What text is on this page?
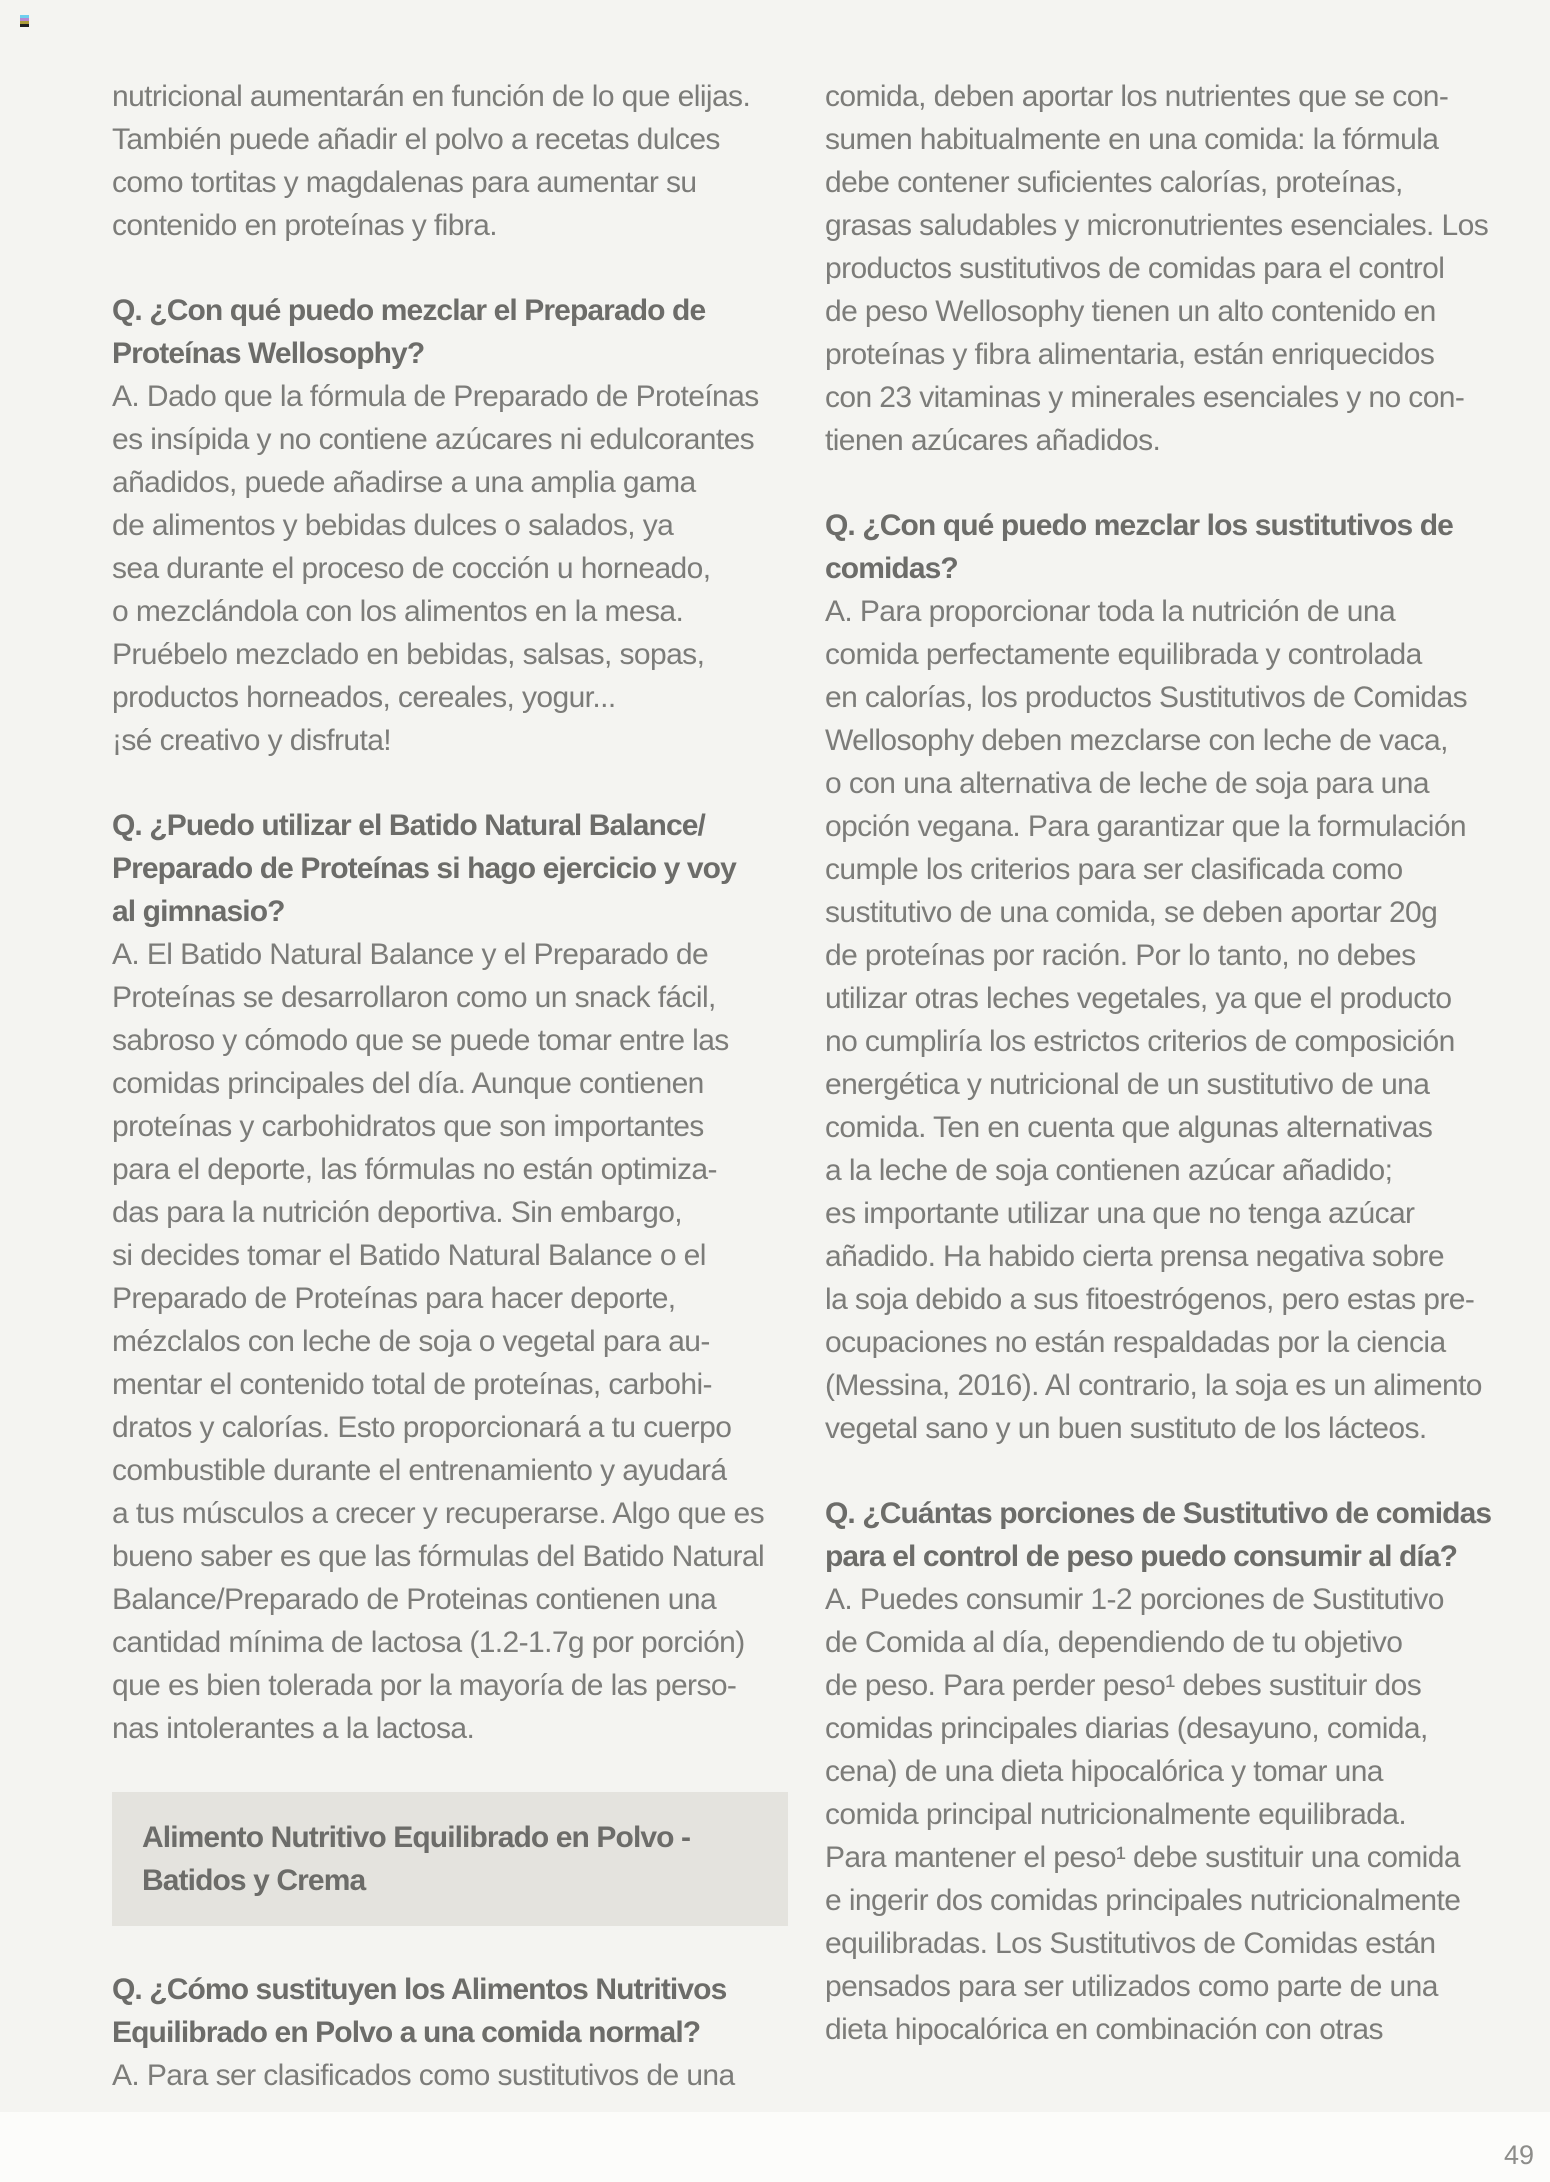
nutricional aumentarán en función de lo que elijas.
También puede añadir el polvo a recetas dulces
como tortitas y magdalenas para aumentar su
contenido en proteínas y fibra.
Q. ¿Con qué puedo mezclar el Preparado de
Proteínas Wellosophy?
A. Dado que la fórmula de Preparado de Proteínas
es insípida y no contiene azúcares ni edulcorantes
añadidos, puede añadirse a una amplia gama
de alimentos y bebidas dulces o salados, ya
sea durante el proceso de cocción u horneado,
o mezclándola con los alimentos en la mesa.
Pruébelo mezclado en bebidas, salsas, sopas,
productos horneados, cereales, yogur...
¡sé creativo y disfruta!
Q. ¿Puedo utilizar el Batido Natural Balance/
Preparado de Proteínas si hago ejercicio y voy
al gimnasio?
A. El Batido Natural Balance y el Preparado de
Proteínas se desarrollaron como un snack fácil,
sabroso y cómodo que se puede tomar entre las
comidas principales del día. Aunque contienen
proteínas y carbohidratos que son importantes
para el deporte, las fórmulas no están optimiza-
das para la nutrición deportiva. Sin embargo,
si decides tomar el Batido Natural Balance o el
Preparado de Proteínas para hacer deporte,
mézclalos con leche de soja o vegetal para au-
mentar el contenido total de proteínas, carbohi-
dratos y calorías. Esto proporcionará a tu cuerpo
combustible durante el entrenamiento y ayudará
a tus músculos a crecer y recuperarse. Algo que es
bueno saber es que las fórmulas del Batido Natural
Balance/Preparado de Proteinas contienen una
cantidad mínima de lactosa (1.2-1.7g por porción)
que es bien tolerada por la mayoría de las perso-
nas intolerantes a la lactosa.
Alimento Nutritivo Equilibrado en Polvo -
Batidos y Crema
Q. ¿Cómo sustituyen los Alimentos Nutritivos
Equilibrado en Polvo a una comida normal?
A. Para ser clasificados como sustitutivos de una
comida, deben aportar los nutrientes que se con-
sumen habitualmente en una comida: la fórmula
debe contener suficientes calorías, proteínas,
grasas saludables y micronutrientes esenciales. Los
productos sustitutivos de comidas para el control
de peso Wellosophy tienen un alto contenido en
proteínas y fibra alimentaria, están enriquecidos
con 23 vitaminas y minerales esenciales y no con-
tienen azúcares añadidos.
Q. ¿Con qué puedo mezclar los sustitutivos de
comidas?
A. Para proporcionar toda la nutrición de una
comida perfectamente equilibrada y controlada
en calorías, los productos Sustitutivos de Comidas
Wellosophy deben mezclarse con leche de vaca,
o con una alternativa de leche de soja para una
opción vegana. Para garantizar que la formulación
cumple los criterios para ser clasificada como
sustitutivo de una comida, se deben aportar 20g
de proteínas por ración. Por lo tanto, no debes
utilizar otras leches vegetales, ya que el producto
no cumpliría los estrictos criterios de composición
energética y nutricional de un sustitutivo de una
comida. Ten en cuenta que algunas alternativas
a la leche de soja contienen azúcar añadido;
es importante utilizar una que no tenga azúcar
añadido. Ha habido cierta prensa negativa sobre
la soja debido a sus fitoestrógenos, pero estas pre-
ocupaciones no están respaldadas por la ciencia
(Messina, 2016). Al contrario, la soja es un alimento
vegetal sano y un buen sustituto de los lácteos.
Q. ¿Cuántas porciones de Sustitutivo de comidas
para el control de peso puedo consumir al día?
A. Puedes consumir 1-2 porciones de Sustitutivo
de Comida al día, dependiendo de tu objetivo
de peso. Para perder peso¹ debes sustituir dos
comidas principales diarias (desayuno, comida,
cena) de una dieta hipocalórica y tomar una
comida principal nutricionalmente equilibrada.
Para mantener el peso¹ debe sustituir una comida
e ingerir dos comidas principales nutricionalmente
equilibradas. Los Sustitutivos de Comidas están
pensados para ser utilizados como parte de una
dieta hipocalórica en combinación con otras
49
